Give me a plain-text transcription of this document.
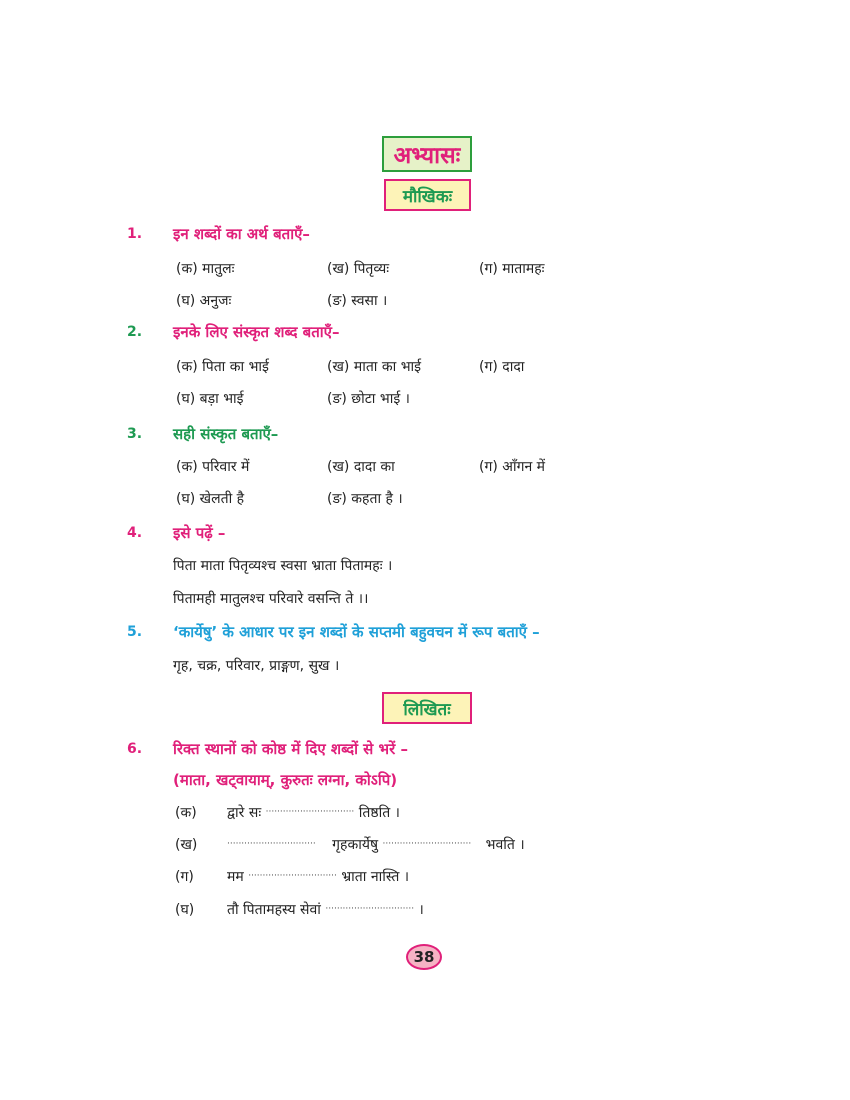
अभ्यासः
मौखिकः
1. इन शब्दों का अर्थ बताएँ–
(क) मातुलः	(ख) पितृव्यः	(ग) मातामहः
(घ) अनुजः	(ङ) स्वसा ।
2. इनके लिए संस्कृत शब्द बताएँ–
(क) पिता का भाई	(ख) माता का भाई	(ग) दादा
(घ) बड़ा भाई	(ङ) छोटा भाई ।
3. सही संस्कृत बताएँ–
(क) परिवार में	(ख) दादा का	(ग) आँगन में
(घ) खेलती है	(ङ) कहता है ।
4. इसे पढ़ें –
पिता माता पितृव्यश्च स्वसा भ्राता पितामहः ।
पितामही मातुलश्च परिवारे वसन्ति ते ।।
5. ‘कार्येषु’ के आधार पर इन शब्दों के सप्तमी बहुवचन में रूप बताएँ –
गृह, चक्र, परिवार, प्राङ्गण, सुख ।
लिखितः
6. रिक्त स्थानों को कोष्ठ में दिए शब्दों से भरें –
(माता, खट्वायाम्, कुरुतः लग्ना, कोऽपि)
(क) द्वारे सः ······························· तिष्ठति ।
(ख)	······························· गृहकार्येषु ······························· भवति ।
(ग) मम ······························· भ्राता नास्ति ।
(घ) तौ पितामहस्य सेवां ······························· ।
38
